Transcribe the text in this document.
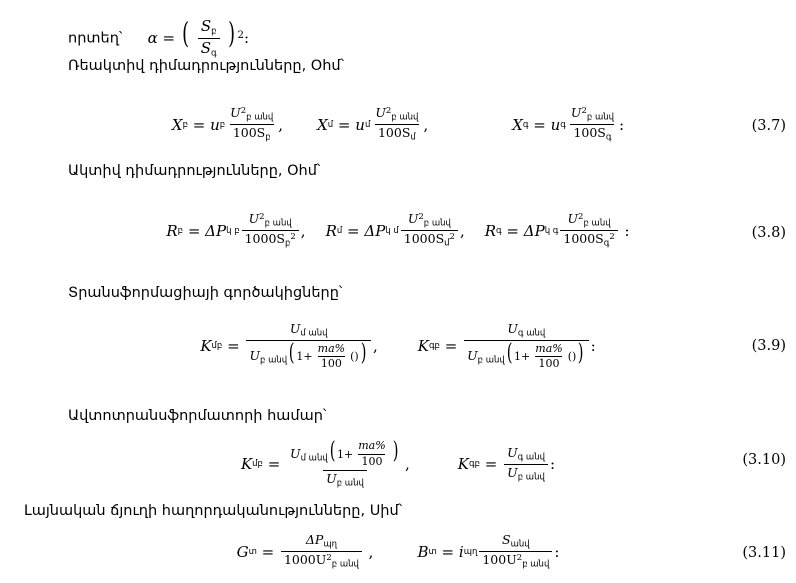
որտեղ՝ α = ( $\frac{S_բ}{S_գ}$ ) $^2$:
Ռեակտիվ դիմադրությունները, Օհմ՝
X բ = u բ $\frac{U^2_{բ անվ}}{100S_բ}$ , X մ = u մ $\frac{U^2_{բ անվ}}{100S_մ}$ ,	X գ = u գ $\frac{U^2_{բ անվ}}{100S_գ}$ :	(3.7)
Ակտիվ դիմադրությունները, Օհմ՝
R բ = ΔP կ բ $\frac{U^2_{բ անվ}}{1000S_բ^2}$ , R մ = ΔP կ մ $\frac{U^2_{բ անվ}}{1000S_մ^2}$ , R գ = ΔP կ գ $\frac{U^2_{բ անվ}}{1000S_գ^2}$
:	(3.8)
Տրանսֆորմացիայի գործակիցները՝
K մբ = $\frac{U_{մ անվ}}{U_{բ անվ}( 1+ \frac{ma\%}{100} ())}$ ,	K գբ = $\frac{U_{գ անվ}}{U_{բ անվ}( 1+ \frac{ma\%}{100} ())}$ :	(3.9)
Ավտոտրանսֆորմատորի համար՝
K մբ = $\frac{U_{մ անվ}( 1+ \frac{ma\%}{100} )}{U_{բ անվ}}$ ,	K գբ = $\frac{U_{գ անվ}}{U_{բ անվ}}$ :	(3.10)
Լայնական ճյուղի հաղորդականությունները, Սիմ՝
G տ = $\frac{\Delta P_{պղ}}{1000U^2_{բ անվ}}$
,	B տ = i պղ $\frac{S_{անվ}}{100U^2_{բ անվ}}$ :	(3.11)
